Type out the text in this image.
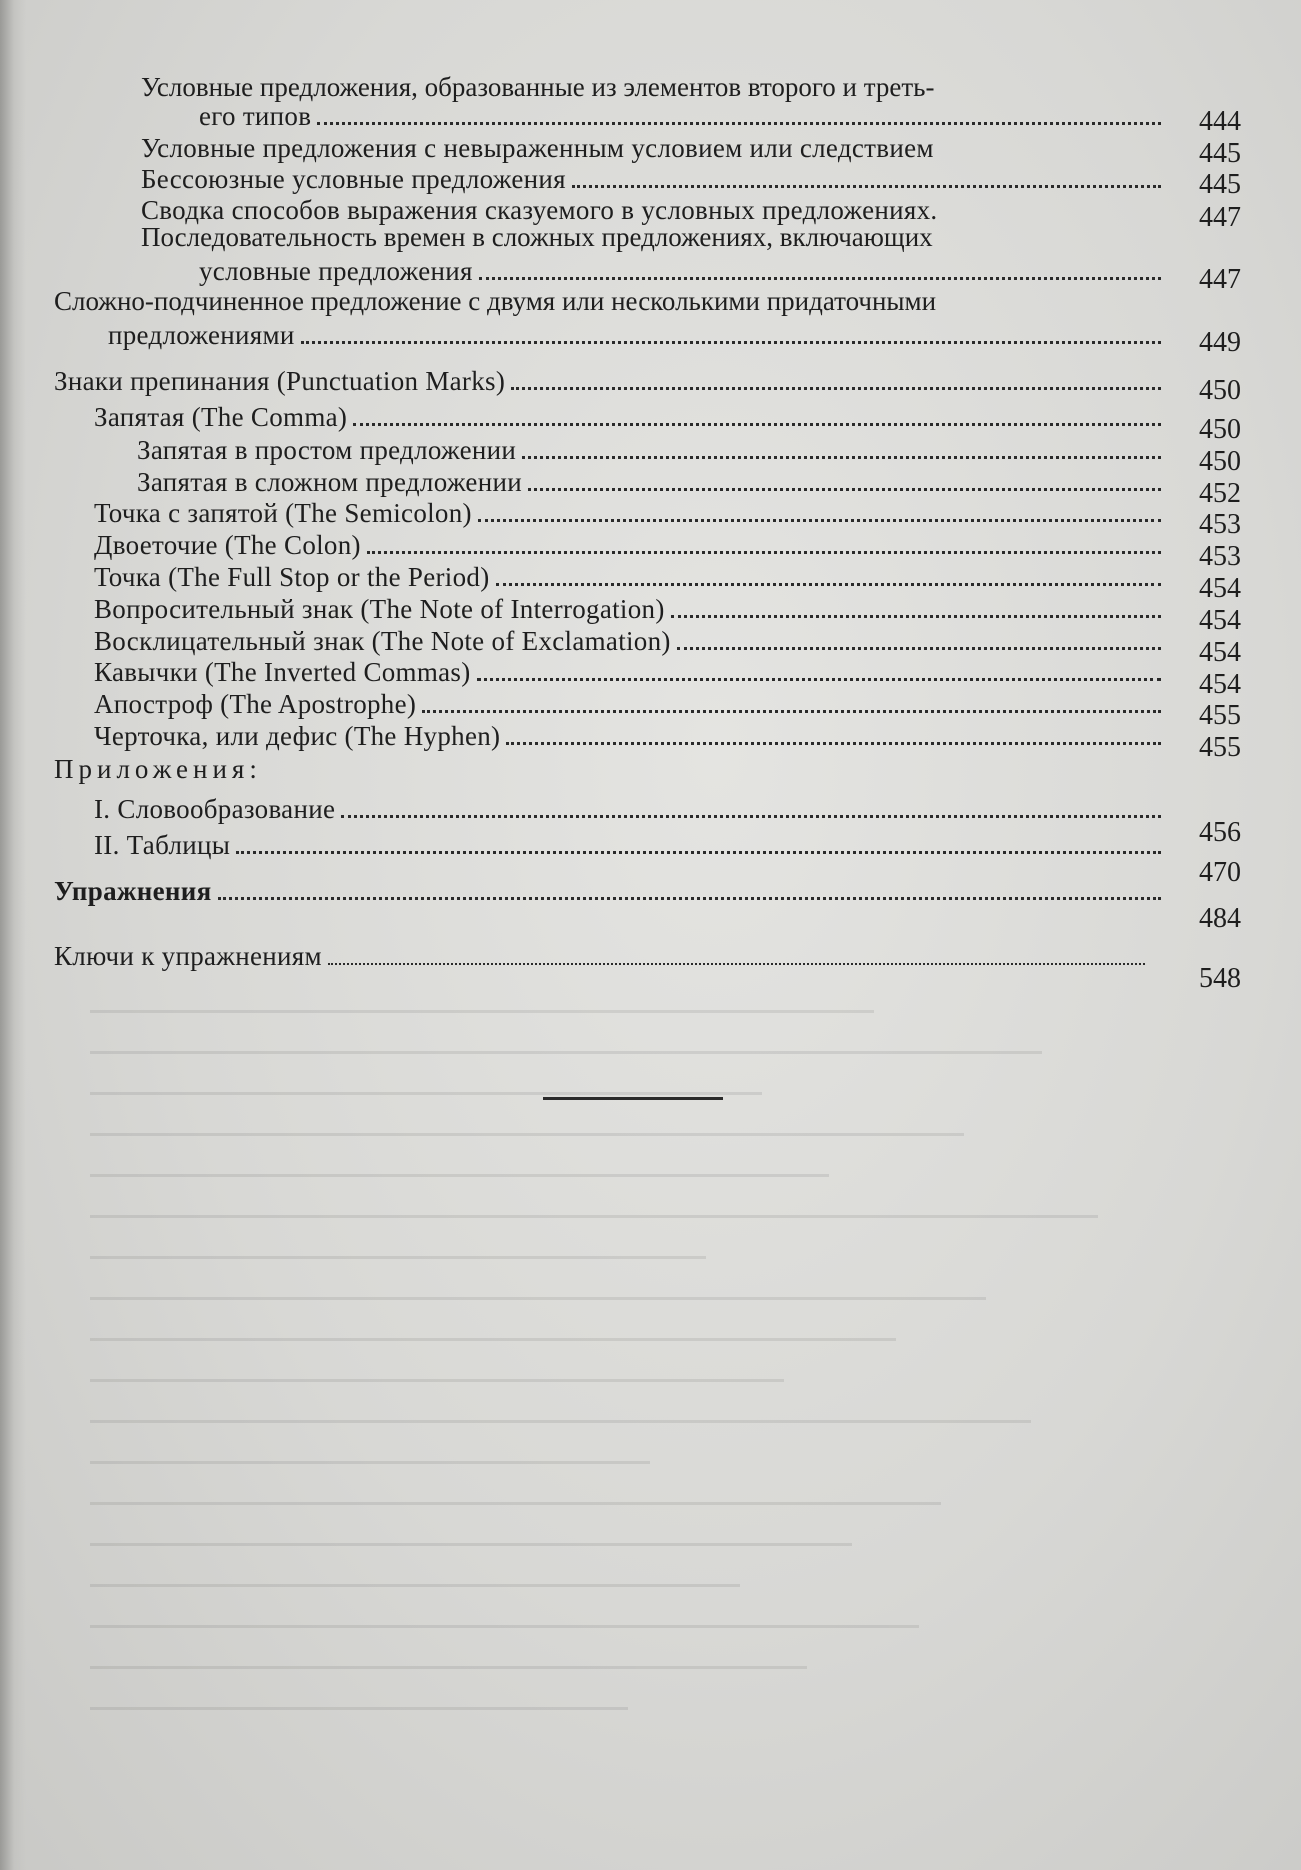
Условные предложения, образованные из элементов второго и треть-
его типов
Условные предложения с невыраженным условием или следствием
Бессоюзные условные предложения
Сводка способов выражения сказуемого в условных предложениях.
Последовательность времен в сложных предложениях, включающих
условные предложения
Сложно-подчиненное предложение с двумя или несколькими придаточными
предложениями
Знаки препинания (Punctuation Marks)
Запятая (The Comma)
Запятая в простом предложении
Запятая в сложном предложении
Точка с запятой (The Semicolon)
Двоеточие (The Colon)
Точка (The Full Stop or the Period)
Вопросительный знак (The Note of Interrogation)
Восклицательный знак (The Note of Exclamation)
Кавычки (The Inverted Commas)
Апостроф (The Apostrophe)
Черточка, или дефис (The Hyphen)
Приложения:
I. Словообразование
II. Таблицы
Упражнения
Ключи к упражнениям
444
445
445
447
447
449
450
450
450
452
453
453
454
454
454
454
455
455
456
470
484
548
